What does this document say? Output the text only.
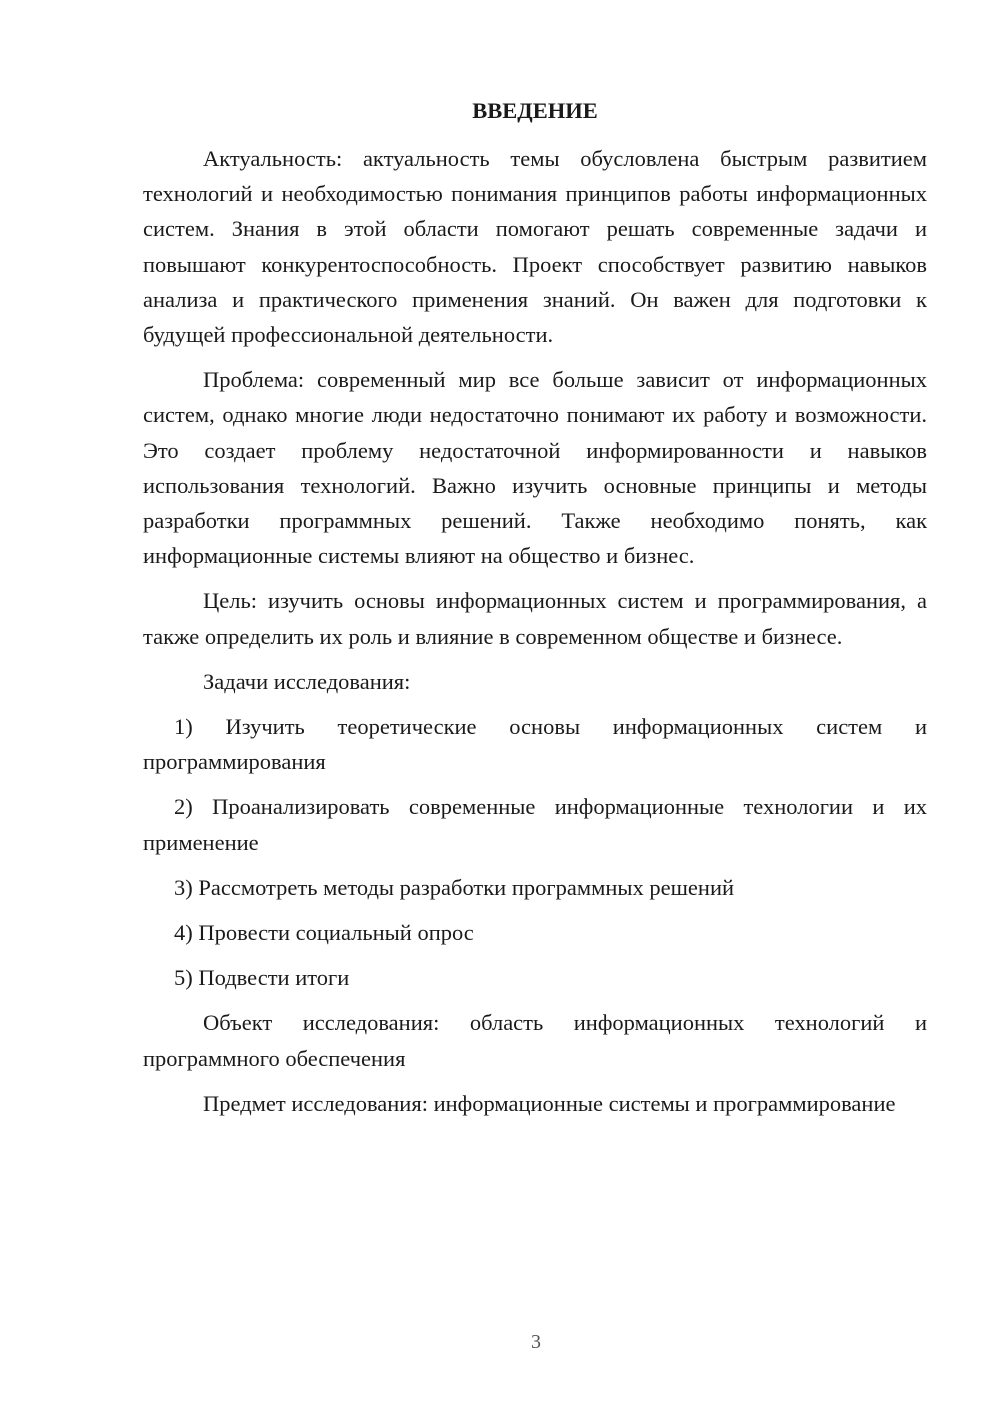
ВВЕДЕНИЕ

Актуальность: актуальность темы обусловлена быстрым развитием технологий и необходимостью понимания принципов работы информационных систем. Знания в этой области помогают решать современные задачи и повышают конкурентоспособность. Проект способствует развитию навыков анализа и практического применения знаний. Он важен для подготовки к будущей профессиональной деятельности.

Проблема: современный мир все больше зависит от информационных систем, однако многие люди недостаточно понимают их работу и возможности. Это создает проблему недостаточной информированности и навыков использования технологий. Важно изучить основные принципы и методы разработки программных решений. Также необходимо понять, как информационные системы влияют на общество и бизнес.

Цель: изучить основы информационных систем и программирования, а также определить их роль и влияние в современном обществе и бизнесе.

Задачи исследования:

1) Изучить теоретические основы информационных систем и программирования

2) Проанализировать современные информационные технологии и их применение

3) Рассмотреть методы разработки программных решений

4) Провести социальный опрос

5) Подвести итоги

Объект исследования: область информационных технологий и программного обеспечения

Предмет исследования: информационные системы и программирование

3
